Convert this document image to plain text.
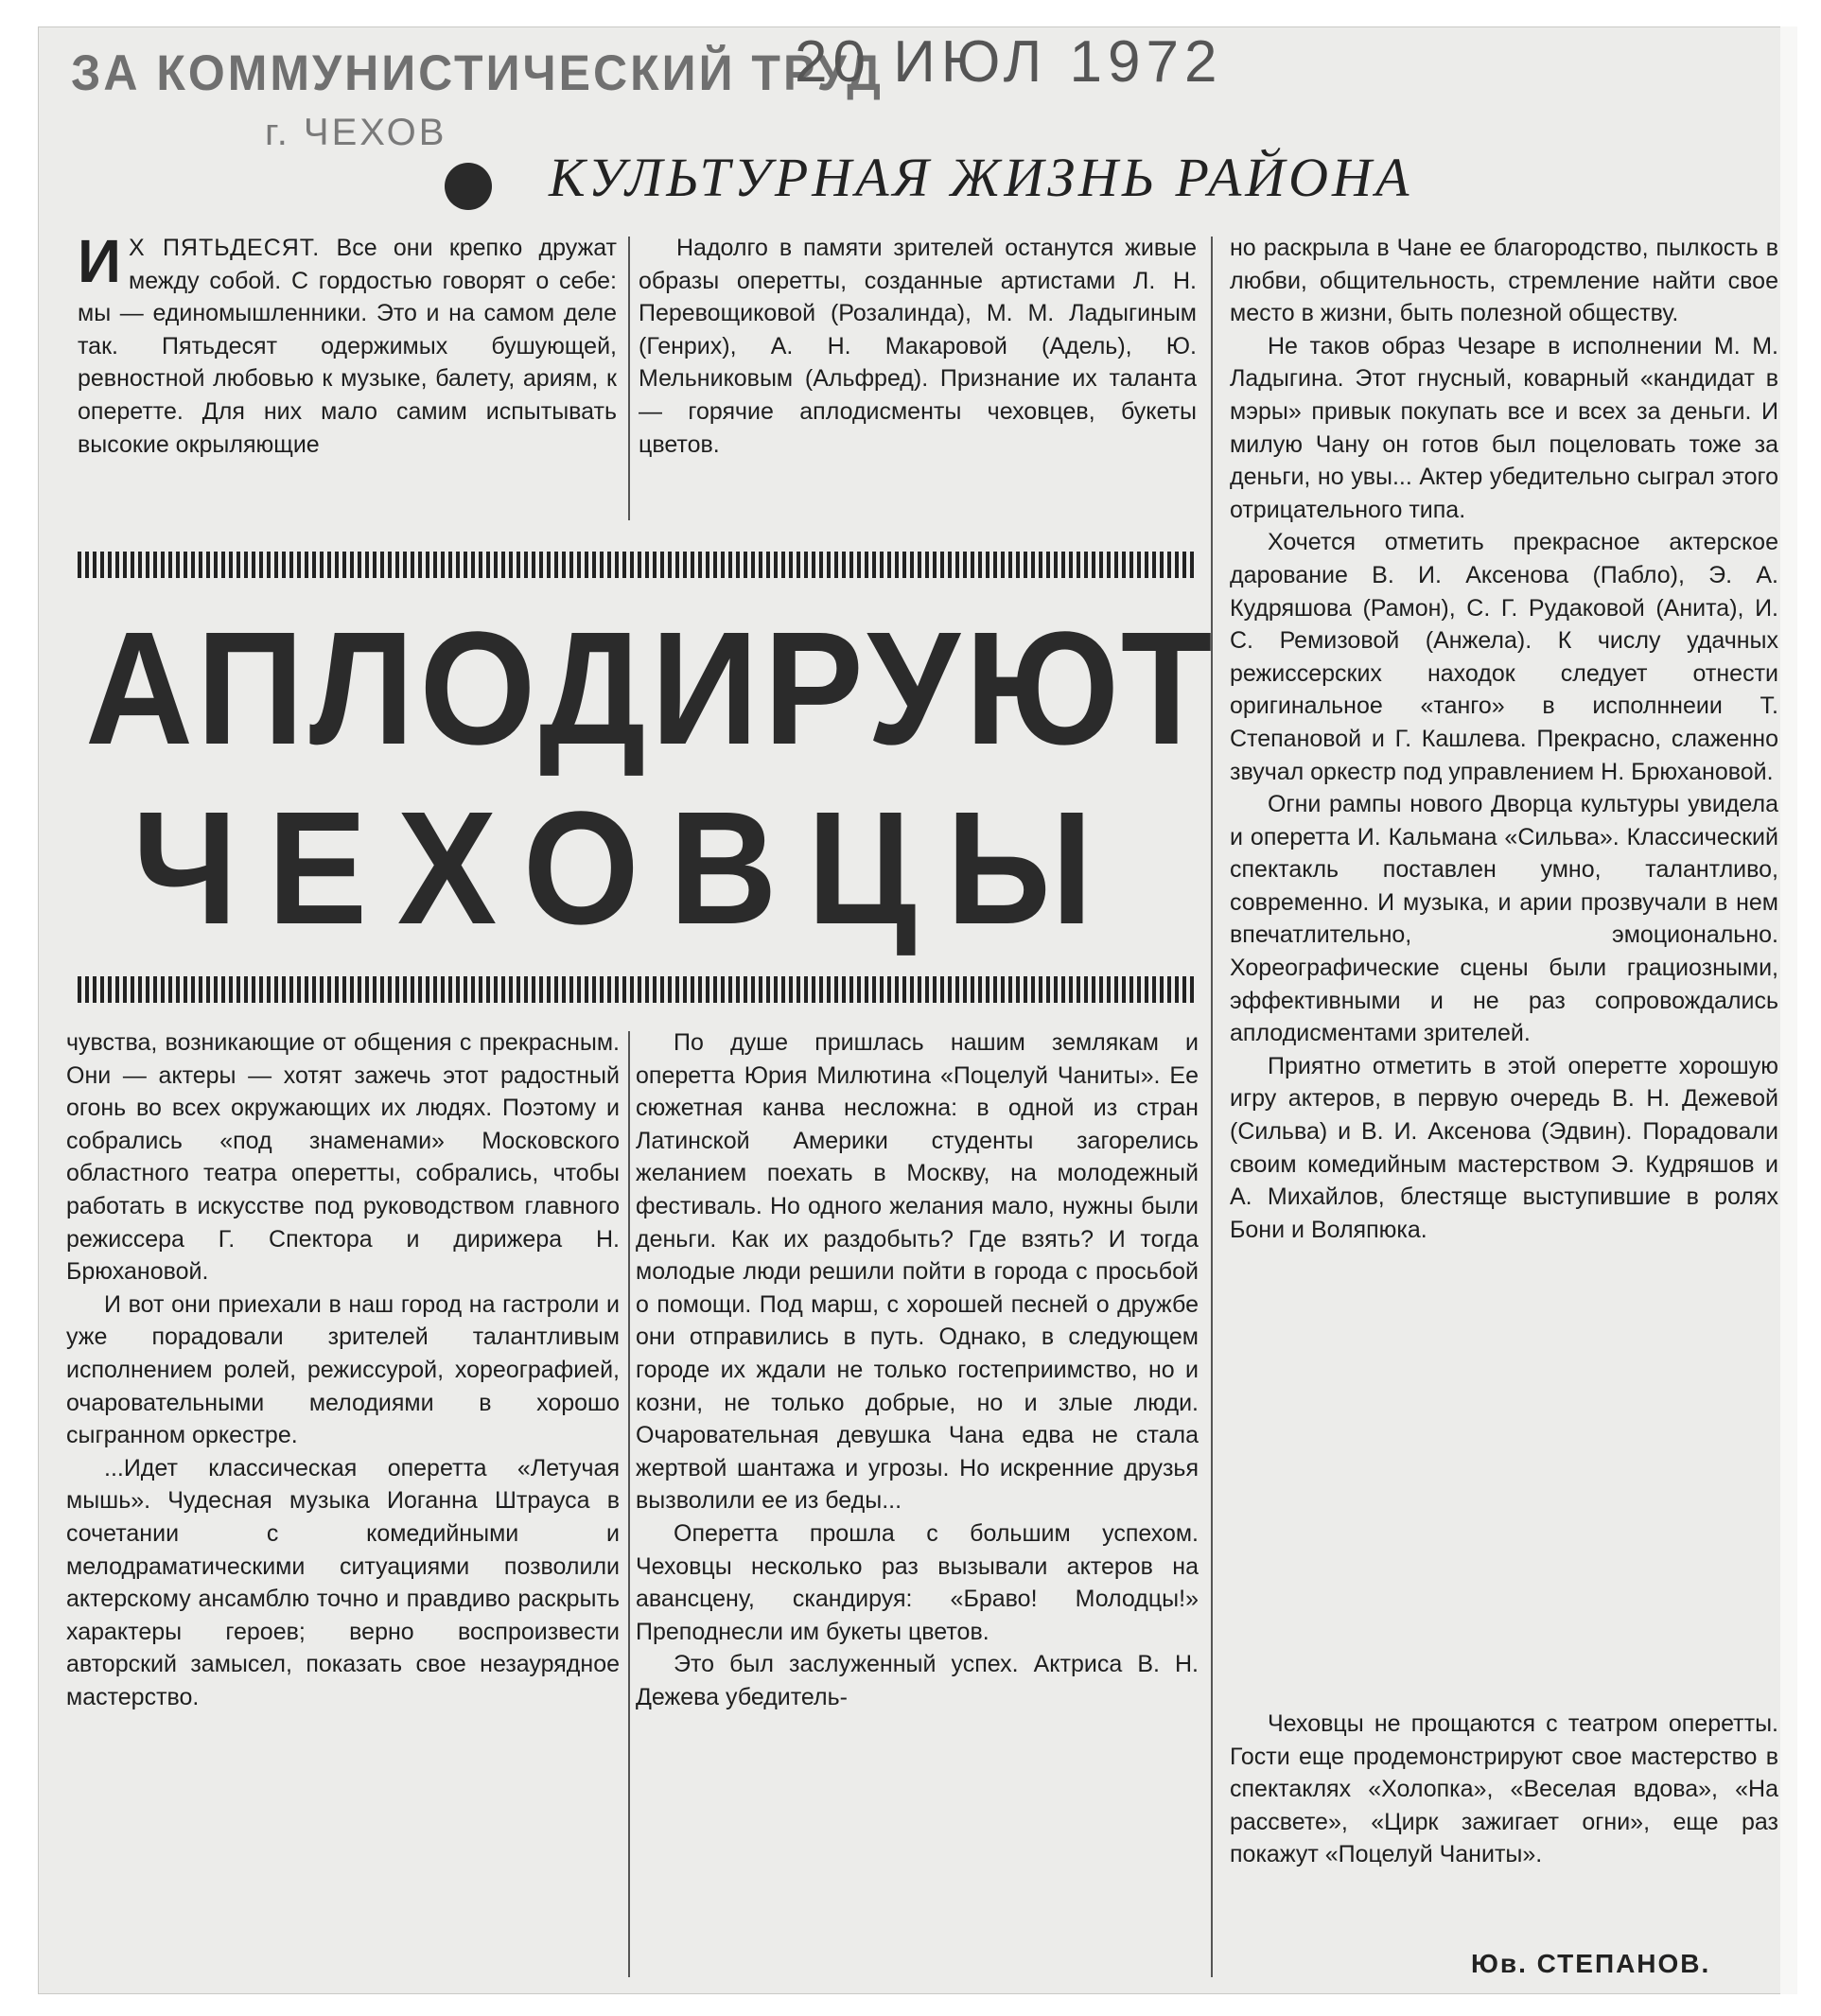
ЗА КОММУНИСТИЧЕСКИЙ ТРУД
г. ЧЕХОВ
20 ИЮЛ 1972
КУЛЬТУРНАЯ ЖИЗНЬ РАЙОНА

И Х ПЯТЬДЕСЯТ. Все они крепко дружат между собой. С гордостью говорят о себе: мы — единомышленники. Это и на самом деле так. Пятьдесят одержимых бушующей, ревностной любовью к музыке, балету, ариям, к оперетте. Для них мало самим испытывать высокие окрыляющие

Надолго в памяти зрителей останутся живые образы оперетты, созданные артистами Л. Н. Перевощиковой (Розалинда), М. М. Ладыгиным (Генрих), А. Н. Макаровой (Адель), Ю. Мельниковым (Альфред). Признание их таланта — горячие аплодисменты чеховцев, букеты цветов.

но раскрыла в Чане ее благородство, пылкость в любви, общительность, стремление найти свое место в жизни, быть полезной обществу.

Не таков образ Чезаре в исполнении М. М. Ладыгина. Этот гнусный, коварный «кандидат в мэры» привык покупать все и всех за деньги. И милую Чану он готов был поцеловать тоже за деньги, но увы... Актер убедительно сыграл этого отрицательного типа.

Хочется отметить прекрасное актерское дарование В. И. Аксенова (Пабло), Э. А. Кудряшова (Рамон), С. Г. Рудаковой (Анита), И. С. Ремизовой (Анжела). К числу удачных режиссерских находок следует отнести оригинальное «танго» в исполннеии Т. Степановой и Г. Кашлева. Прекрасно, слаженно звучал оркестр под управлением Н. Брюхановой.

Огни рампы нового Дворца культуры увидела и оперетта И. Кальмана «Сильва». Классический спектакль поставлен умно, талантливо, современно. И музыка, и арии прозвучали в нем впечатлительно, эмоционально. Хореографические сцены были грациозными, эффективными и не раз сопровождались аплодисментами зрителей.

Приятно отметить в этой оперетте хорошую игру актеров, в первую очередь В. Н. Дежевой (Сильва) и В. И. Аксенова (Эдвин). Порадовали своим комедийным мастерством Э. Кудряшов и А. Михайлов, блестяще выступившие в ролях Бони и Воляпюка.

Чеховцы не прощаются с театром оперетты. Гости еще продемонстрируют свое мастерство в спектаклях «Холопка», «Веселая вдова», «На рассвете», «Цирк зажигает огни», еще раз покажут «Поцелуй Чаниты».

АПЛОДИРУЮТ
ЧЕХОВЦЫ

чувства, возникающие от общения с прекрасным. Они — актеры — хотят зажечь этот радостный огонь во всех окружающих их людях. Поэтому и собрались «под знаменами» Московского областного театра оперетты, собрались, чтобы работать в искусстве под руководством главного режиссера Г. Спектора и дирижера Н. Брюхановой.

И вот они приехали в наш город на гастроли и уже порадовали зрителей талантливым исполнением ролей, режиссурой, хореографией, очаровательными мелодиями в хорошо сыгранном оркестре.

...Идет классическая оперетта «Летучая мышь». Чудесная музыка Иоганна Штрауса в сочетании с комедийными и мелодраматическими ситуациями позволили актерскому ансамблю точно и правдиво раскрыть характеры героев; верно воспроизвести авторский замысел, показать свое незаурядное мастерство.

По душе пришлась нашим землякам и оперетта Юрия Милютина «Поцелуй Чаниты». Ее сюжетная канва несложна: в одной из стран Латинской Америки студенты загорелись желанием поехать в Москву, на молодежный фестиваль. Но одного желания мало, нужны были деньги. Как их раздобыть? Где взять? И тогда молодые люди решили пойти в города с просьбой о помощи. Под марш, с хорошей песней о дружбе они отправились в путь. Однако, в следующем городе их ждали не только гостеприимство, но и козни, не только добрые, но и злые люди. Очаровательная девушка Чана едва не стала жертвой шантажа и угрозы. Но искренние друзья вызволили ее из беды...

Оперетта прошла с большим успехом. Чеховцы несколько раз вызывали актеров на авансцену, скандируя: «Браво! Молодцы!» Преподнесли им букеты цветов.

Это был заслуженный успех. Актриса В. Н. Дежева убедитель-

Юв. СТЕПАНОВ.
